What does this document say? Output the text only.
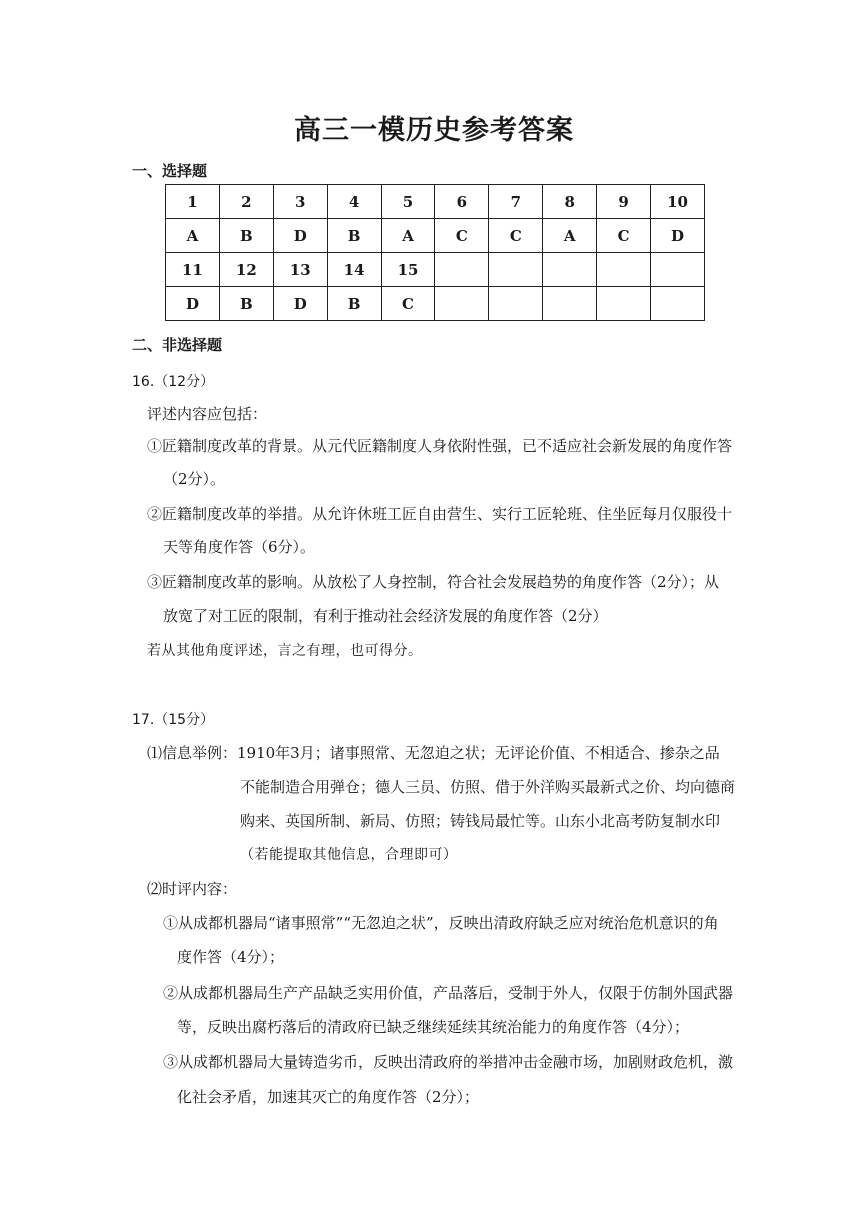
高三一模历史参考答案
一、选择题
1	2	3	4	5	6	7	8	9	10
A	B	D	B	A	C	C	A	C	D
11	12	13	14	15					
D	B	D	B	C					
二、非选择题
16.（12分）
评述内容应包括：
①匠籍制度改革的背景。从元代匠籍制度人身依附性强，已不适应社会新发展的角度作答
（2分）。
②匠籍制度改革的举措。从允许休班工匠自由营生、实行工匠轮班、住坐匠每月仅服役十
天等角度作答（6分）。
③匠籍制度改革的影响。从放松了人身控制，符合社会发展趋势的角度作答（2分）；从
放宽了对工匠的限制，有利于推动社会经济发展的角度作答（2分）
若从其他角度评述，言之有理，也可得分。
17.（15分）
⑴信息举例：1910年3月；诸事照常、无忽迫之状；无评论价值、不相适合、掺杂之品
不能制造合用弹仓；德人三员、仿照、借于外洋购买最新式之价、均向德商
购来、英国所制、新局、仿照；铸钱局最忙等。山东小北高考防复制水印
（若能提取其他信息，合理即可）
⑵时评内容：
①从成都机器局“诸事照常”“无忽迫之状”，反映出清政府缺乏应对统治危机意识的角
度作答（4分）；
②从成都机器局生产产品缺乏实用价值，产品落后，受制于外人，仅限于仿制外国武器
等，反映出腐朽落后的清政府已缺乏继续延续其统治能力的角度作答（4分）；
③从成都机器局大量铸造劣币，反映出清政府的举措冲击金融市场，加剧财政危机，激
化社会矛盾，加速其灭亡的角度作答（2分）；
